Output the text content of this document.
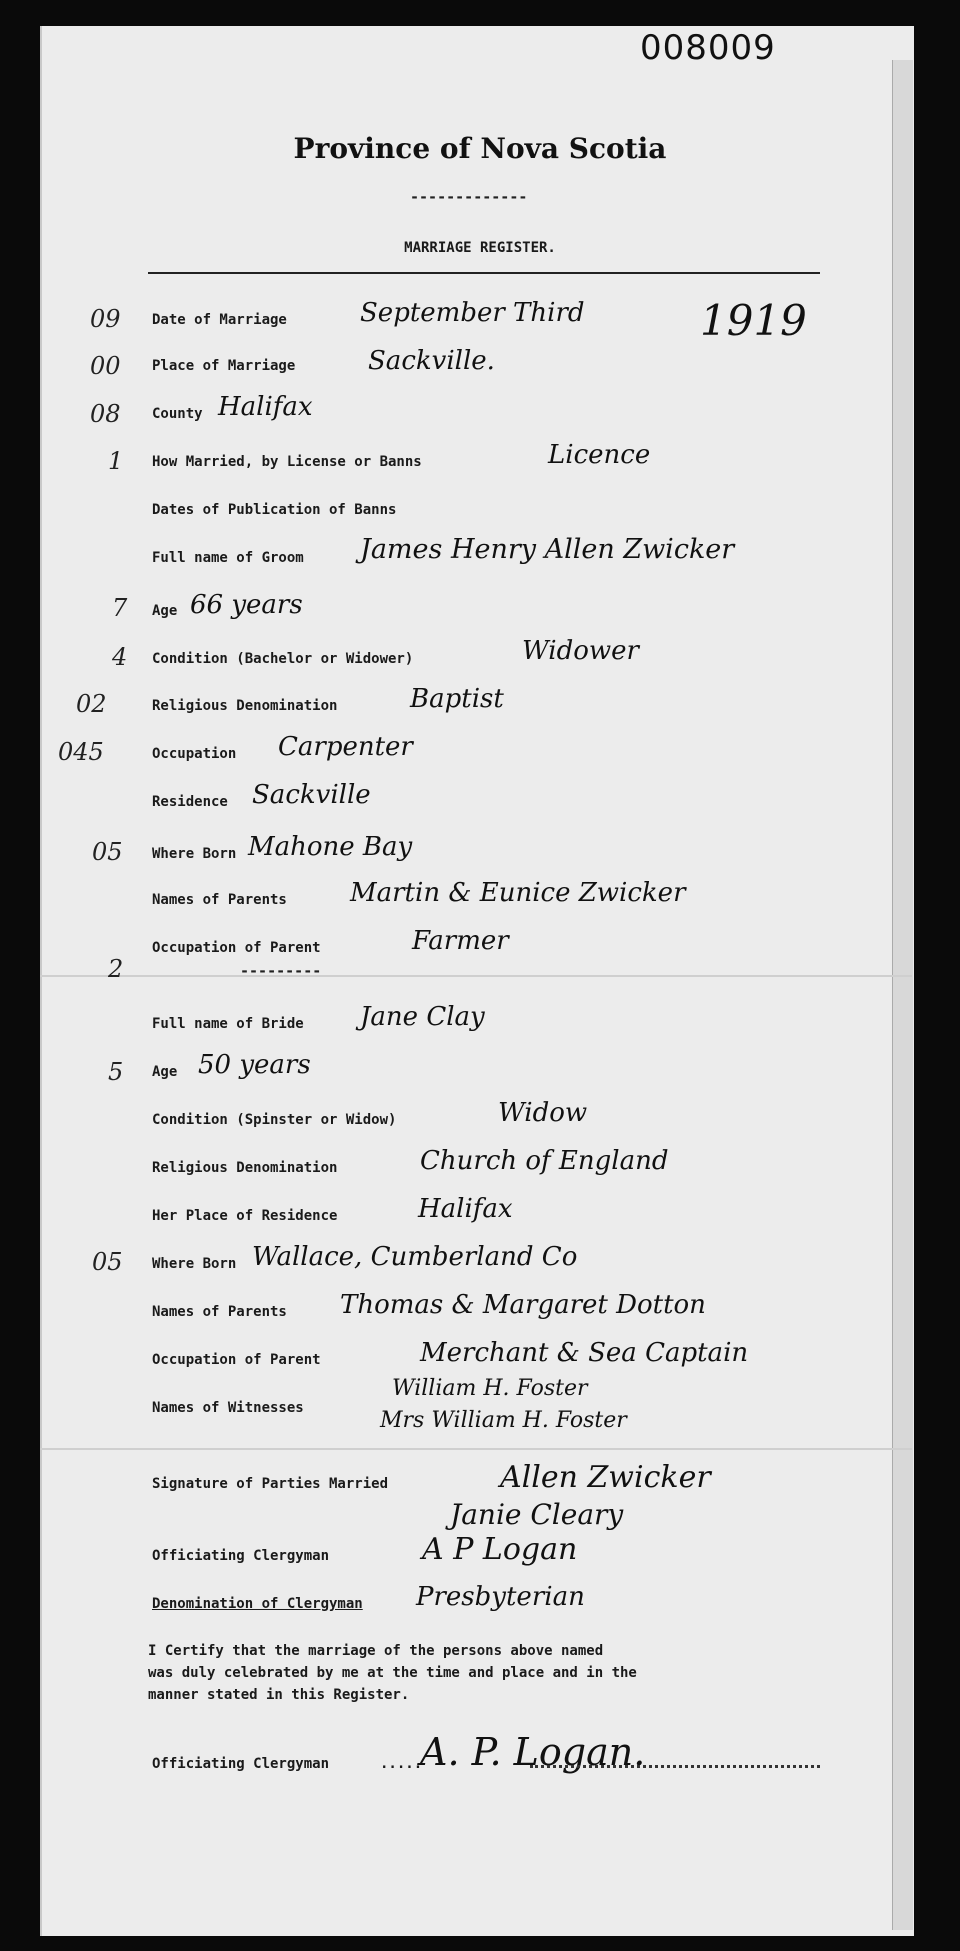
008009
Province of Nova Scotia
-------------
MARRIAGE REGISTER.
09 Date of Marriage	September Third	1919
00 Place of Marriage	Sackville.
08 County Halifax
1 How Married, by License or Banns	Licence
Dates of Publication of Banns
Full name of Groom James Henry Allen Zwicker
7 Age 66 years
4 Condition (Bachelor or Widower)	Widower
02	Religious Denomination	Baptist
045	Occupation Carpenter
Residence Sackville
05 Where Born Mahone Bay
Names of Parents Martin & Eunice Zwicker
Occupation of Parent	Farmer
2	---------
Full name of Bride Jane Clay
5 Age 50 years
Condition (Spinster or Widow)	Widow
Religious Denomination	Church of England
Her Place of Residence	Halifax
05 Where Born Wallace, Cumberland Co
Names of Parents Thomas & Margaret Dotton
Occupation of Parent	Merchant & Sea Captain
Names of Witnesses
William H. Foster
Mrs William H. Foster
Signature of Parties Married	Allen Zwicker
Janie Cleary
Officiating Clergyman	A P Logan
Denomination of Clergyman Presbyterian
I Certify that the marriage of the persons above named
was duly celebrated by me at the time and place and in the
manner stated in this Register.
Officiating Clergyman	.....
A. P. Logan.
